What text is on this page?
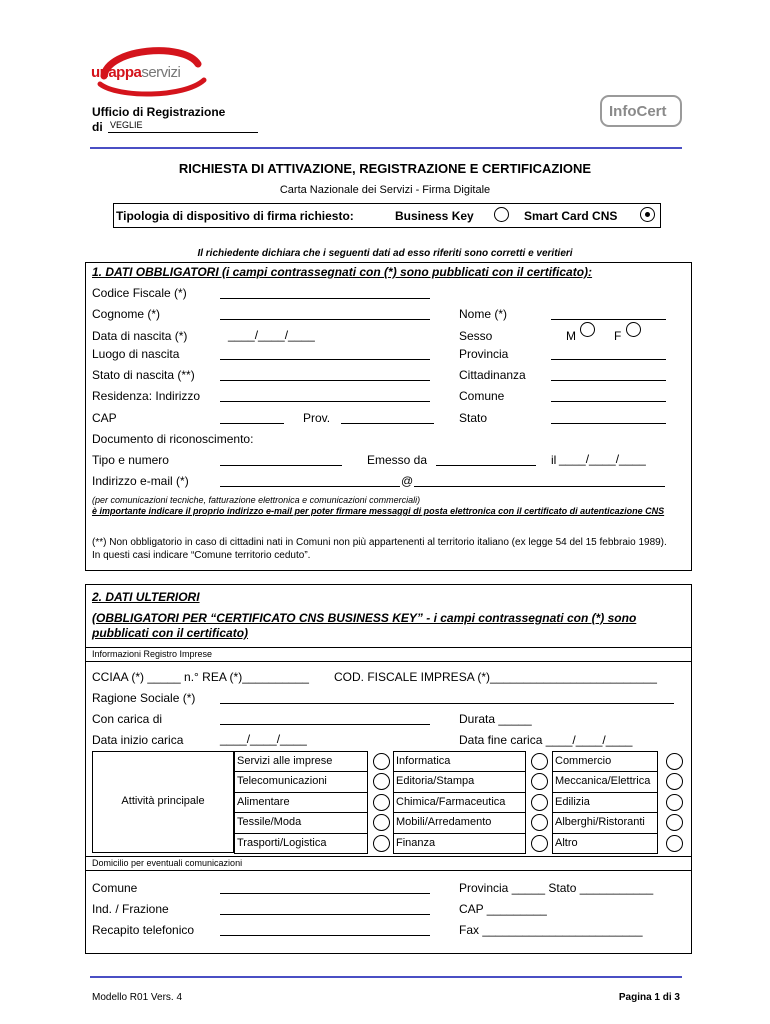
unappaservizi
Ufficio di Registrazione
di VEGLIE
InfoCert
RICHIESTA DI ATTIVAZIONE, REGISTRAZIONE E CERTIFICAZIONE
Carta Nazionale dei Servizi - Firma Digitale
Tipologia di dispositivo di firma richiesto:	Business Key	Smart Card CNS
Il richiedente dichiara che i seguenti dati ad esso riferiti sono corretti e veritieri
1. DATI OBBLIGATORI (i campi contrassegnati con (*) sono pubblicati con il certificato):
Codice Fiscale (*)
Cognome (*)	Nome (*)
Data di nascita (*)	____/____/____	Sesso	M	F
Luogo di nascita	Provincia
Stato di nascita (**)	Cittadinanza
Residenza: Indirizzo	Comune
CAP	Prov.	Stato
Documento di riconoscimento:
Tipo e numero	Emesso da	il ____/____/____
Indirizzo e-mail (*)	@
(per comunicazioni tecniche, fatturazione elettronica e comunicazioni commerciali)
è importante indicare il proprio indirizzo e-mail per poter firmare messaggi di posta elettronica con il certificato di autenticazione CNS
(**) Non obbligatorio in caso di cittadini nati in Comuni non più appartenenti al territorio italiano (ex legge 54 del 15 febbraio 1989). In questi casi indicare “Comune territorio ceduto”.
2. DATI ULTERIORI
(OBBLIGATORI PER “CERTIFICATO CNS BUSINESS KEY” - i campi contrassegnati con (*) sono pubblicati con il certificato)
Informazioni Registro Imprese
CCIAA (*) _____ n.° REA (*)__________ COD. FISCALE IMPRESA (*)_________________________
Ragione Sociale (*)
Con carica di	Durata _____
Data inizio carica	____/____/____	Data fine carica ____/____/____
Attività principale
Servizi alle imprese	Informatica	Commercio
Telecomunicazioni	Editoria/Stampa	Meccanica/Elettrica
Alimentare	Chimica/Farmaceutica	Edilizia
Tessile/Moda	Mobili/Arredamento	Alberghi/Ristoranti
Trasporti/Logistica	Finanza	Altro
Domicilio per eventuali comunicazioni
Comune	Provincia _____ Stato ___________
Ind. / Frazione	CAP _________
Recapito telefonico	Fax ________________________
Modello R01 Vers. 4	Pagina 1 di 3
